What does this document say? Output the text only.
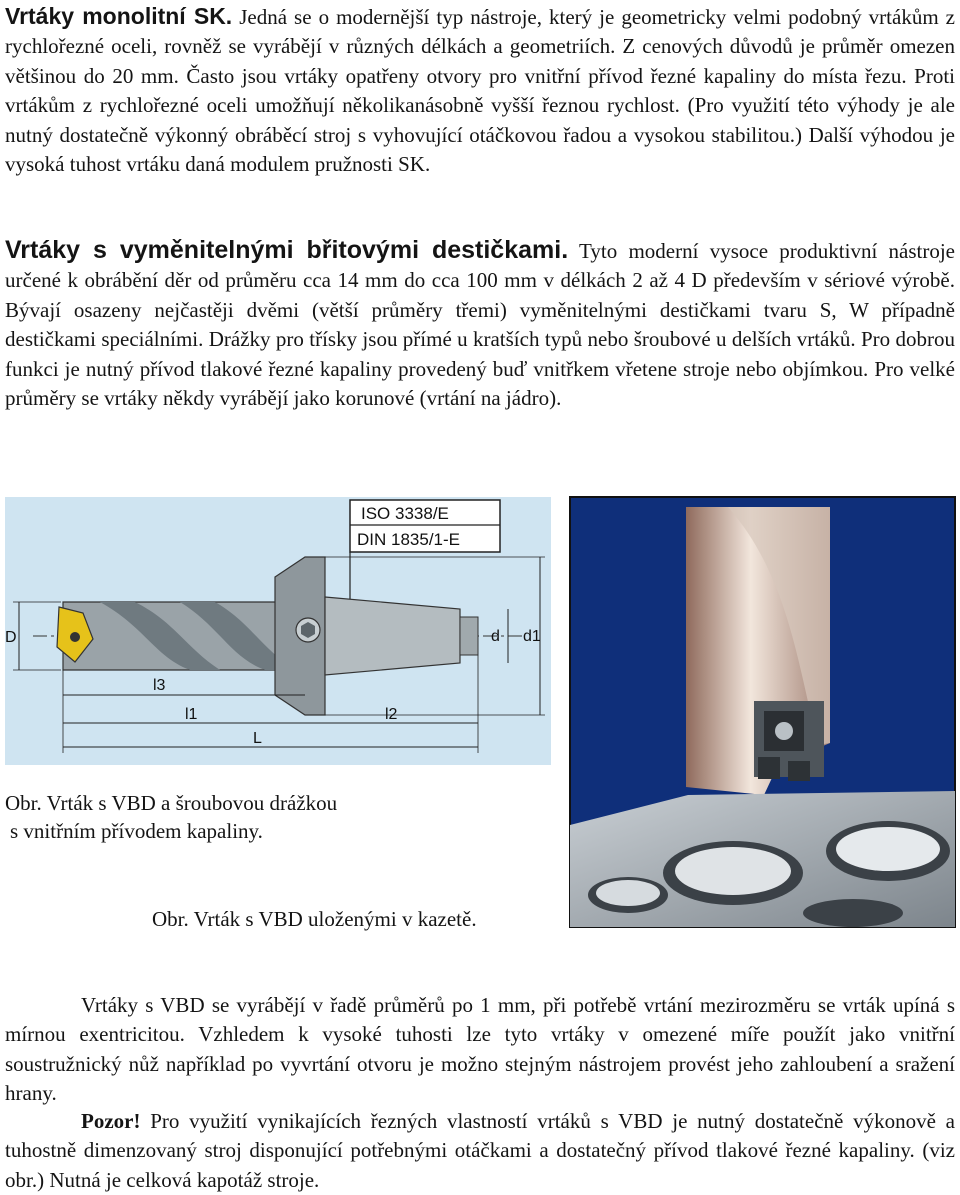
Vrtáky monolitní SK. Jedná se o modernější typ nástroje, který je geometricky velmi podobný vrtákům z rychlořezné oceli, rovněž se vyrábějí v různých délkách a geometriích. Z cenových důvodů je průměr omezen většinou do 20 mm. Často jsou vrtáky opatřeny otvory pro vnitřní přívod řezné kapaliny do místa řezu. Proti vrtákům z rychlořezné oceli umožňují několikanásobně vyšší řeznou rychlost. (Pro využití této výhody je ale nutný dostatečně výkonný obráběcí stroj s vyhovující otáčkovou řadou a vysokou stabilitou.) Další výhodou je vysoká tuhost vrtáku daná modulem pružnosti SK.

Vrtáky s vyměnitelnými břitovými destičkami. Tyto moderní vysoce produktivní nástroje určené k obrábění děr od průměru cca 14 mm do cca 100 mm v délkách 2 až 4 D především v sériové výrobě. Bývají osazeny nejčastěji dvěmi (větší průměry třemi) vyměnitelnými destičkami tvaru S, W případně destičkami speciálními. Drážky pro třísky jsou přímé u kratších typů nebo šroubové u delších vrtáků. Pro dobrou funkci je nutný přívod tlakové řezné kapaliny provedený buď vnitřkem vřetene stroje nebo objímkou. Pro velké průměry se vrtáky někdy vyrábějí jako korunové (vrtání na jádro).

ISO 3338/E
DIN 1835/1-E
D	d d1
l3
l1	l2
L

Obr. Vrták s VBD a šroubovou drážkou

s vnitřním přívodem kapaliny.

Obr. Vrták s VBD uloženými v kazetě.

Vrtáky s VBD se vyrábějí v řadě průměrů po 1 mm, při potřebě vrtání mezirozměru se vrták upíná s mírnou exentricitou. Vzhledem k vysoké tuhosti lze tyto vrtáky v omezené míře použít jako vnitřní soustružnický nůž například po vyvrtání otvoru je možno stejným nástrojem provést jeho zahloubení a sražení hrany.

Pozor! Pro využití vynikajících řezných vlastností vrtáků s VBD je nutný dostatečně výkonově a tuhostně dimenzovaný stroj disponující potřebnými otáčkami a dostatečný přívod tlakové řezné kapaliny. (viz obr.) Nutná je celková kapotáž stroje.
